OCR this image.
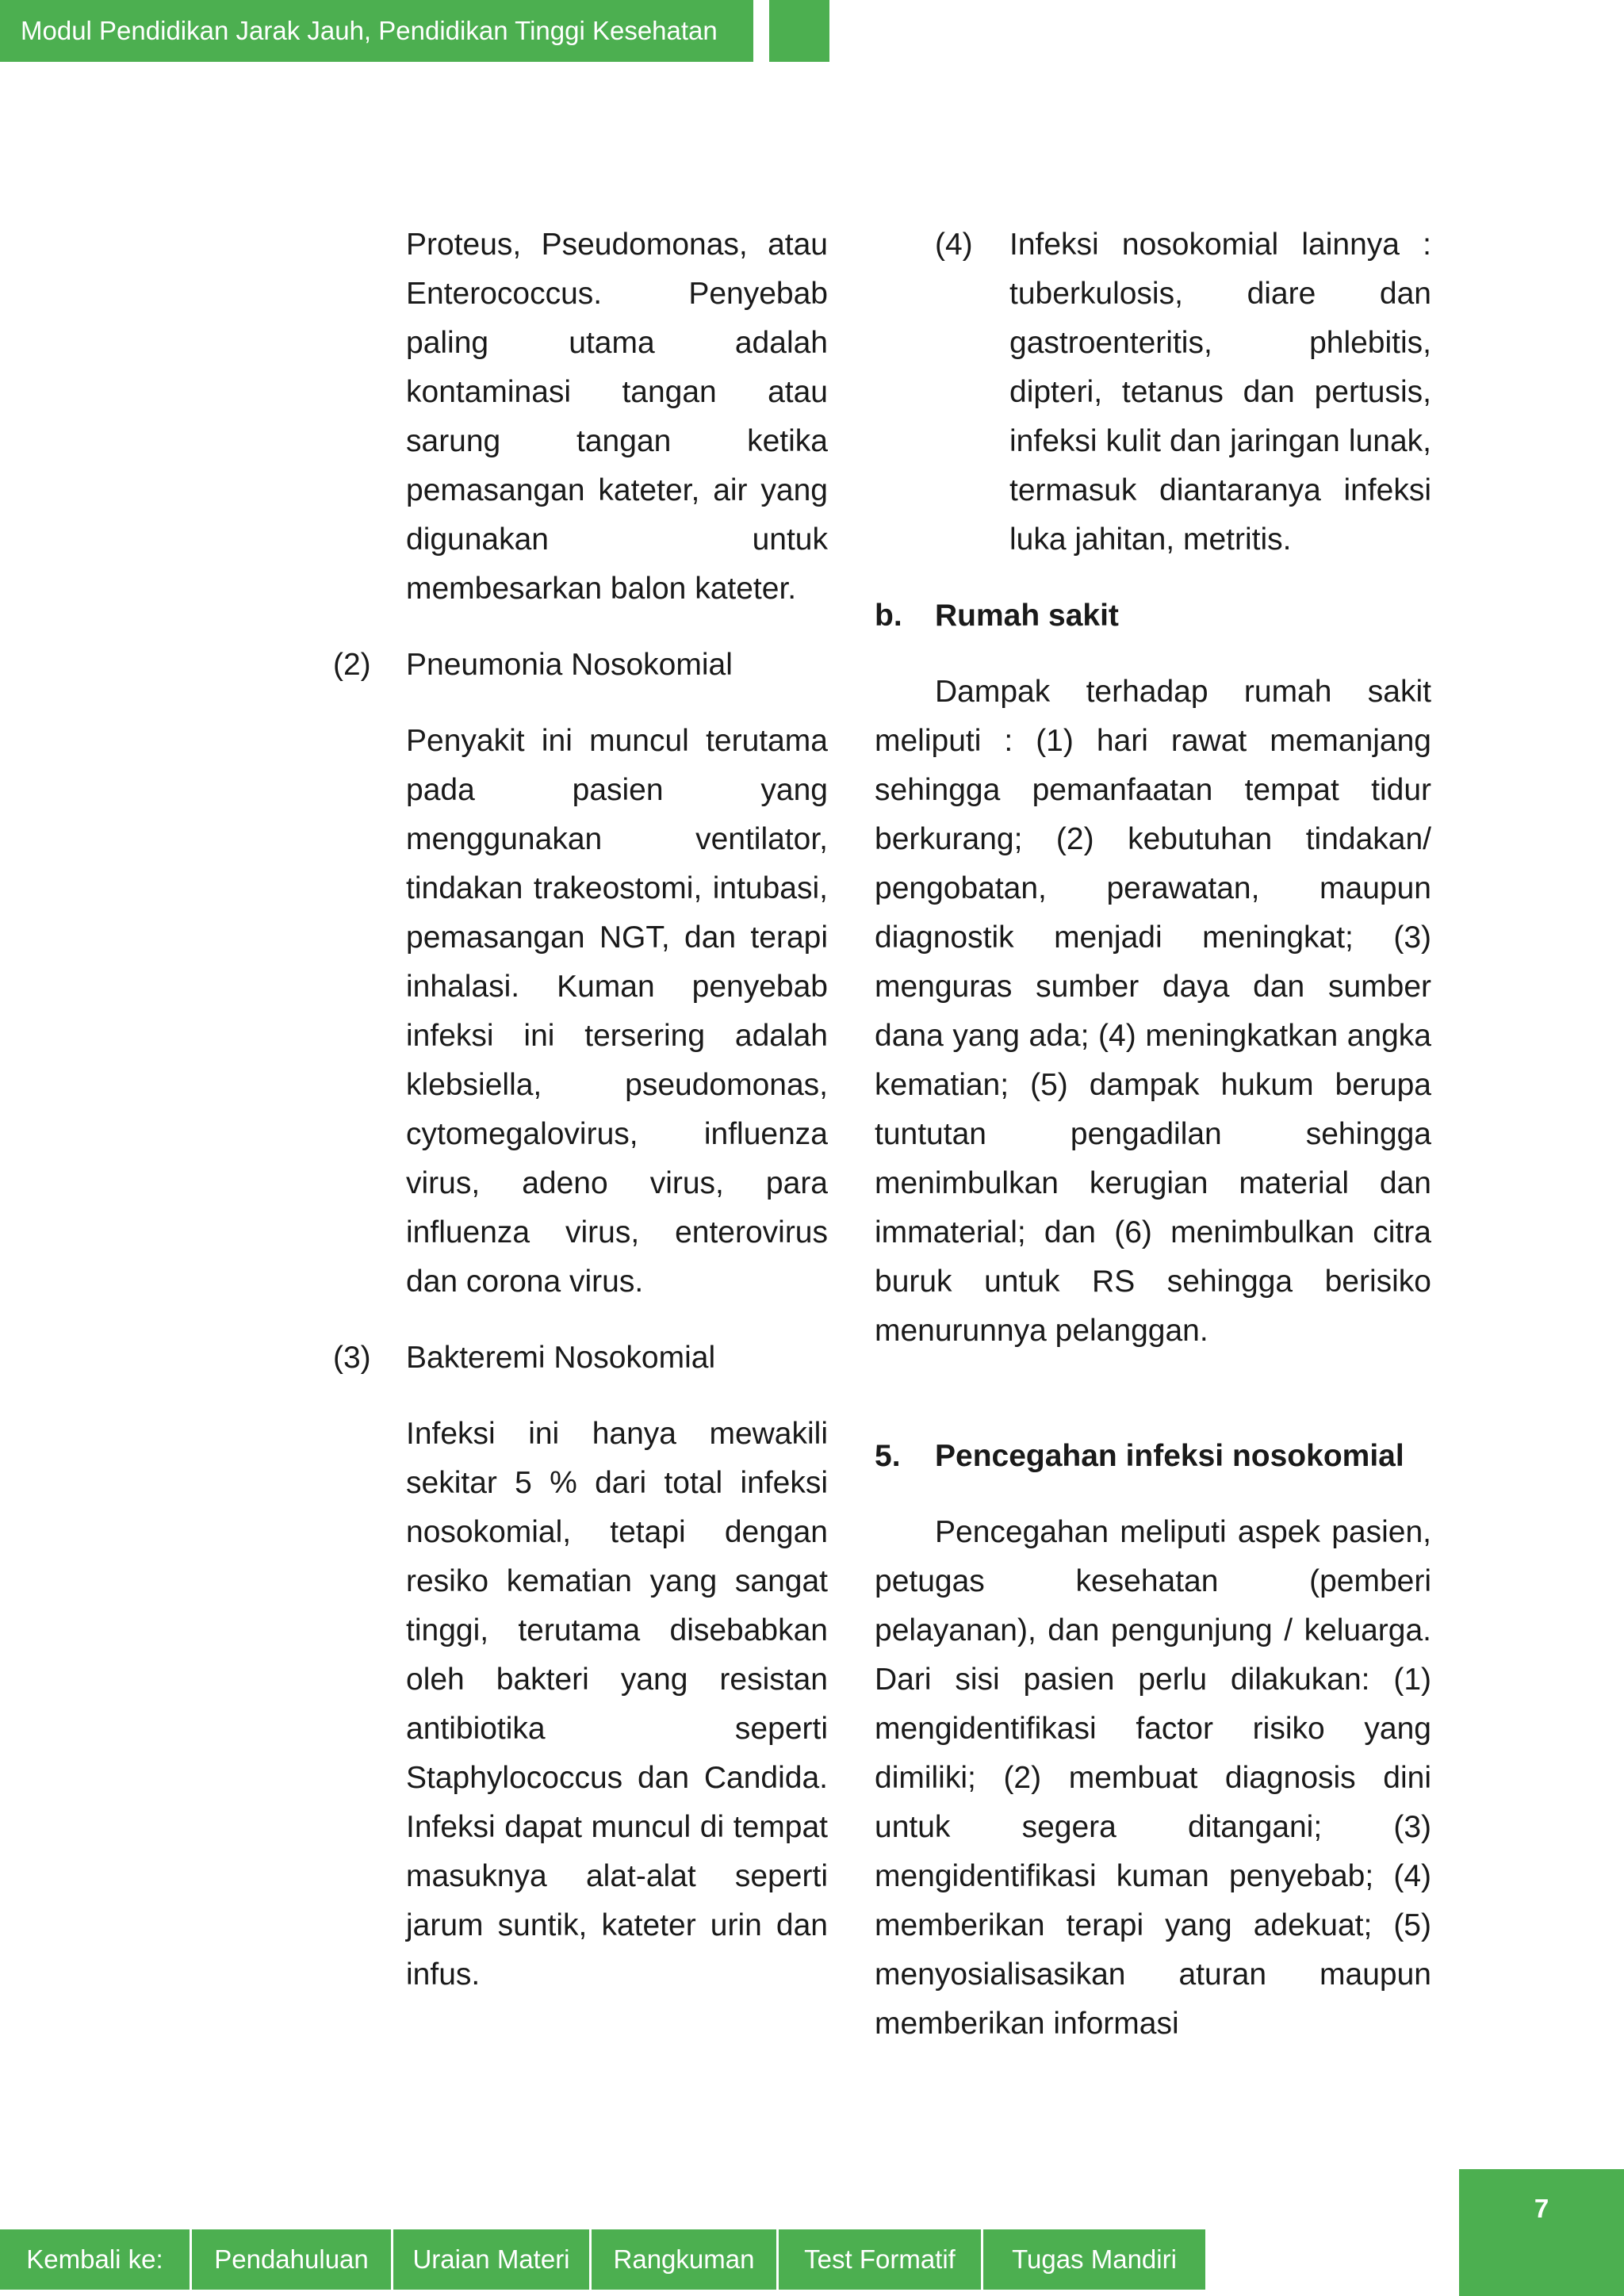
Modul Pendidikan Jarak Jauh, Pendidikan Tinggi Kesehatan

Proteus, Pseudomonas, atau Enterococcus. Penyebab paling utama adalah kontaminasi tangan atau sarung tangan ketika pemasangan kateter, air yang digunakan untuk membesarkan balon kateter.

(2) Pneumonia Nosokomial

Penyakit ini muncul terutama pada pasien yang menggunakan ventilator, tindakan trakeostomi, intubasi, pemasangan NGT, dan terapi inhalasi. Kuman penyebab infeksi ini tersering adalah klebsiella, pseudomonas, cytomegalovirus, influenza virus, adeno virus, para influenza virus, enterovirus dan corona virus.

(3) Bakteremi Nosokomial

Infeksi ini hanya mewakili sekitar 5 % dari total infeksi nosokomial, tetapi dengan resiko kematian yang sangat tinggi, terutama disebabkan oleh bakteri yang resistan antibiotika seperti Staphylococcus dan Candida. Infeksi dapat muncul di tempat masuknya alat-alat seperti jarum suntik, kateter urin dan infus.

(4) Infeksi nosokomial lainnya : tuberkulosis, diare dan gastroenteritis, phlebitis, dipteri, tetanus dan pertusis, infeksi kulit dan jaringan lunak, termasuk diantaranya infeksi luka jahitan, metritis.

b. Rumah sakit

Dampak terhadap rumah sakit meliputi : (1) hari rawat memanjang sehingga pemanfaatan tempat tidur berkurang; (2) kebutuhan tindakan/ pengobatan, perawatan, maupun diagnostik menjadi meningkat; (3) menguras sumber daya dan sumber dana yang ada; (4) meningkatkan angka kematian; (5) dampak hukum berupa tuntutan pengadilan sehingga menimbulkan kerugian material dan immaterial; dan (6) menimbulkan citra buruk untuk RS sehingga berisiko menurunnya pelanggan.

5. Pencegahan infeksi nosokomial

Pencegahan meliputi aspek pasien, petugas kesehatan (pemberi pelayanan), dan pengunjung / keluarga. Dari sisi pasien perlu dilakukan: (1) mengidentifikasi factor risiko yang dimiliki; (2) membuat diagnosis dini untuk segera ditangani; (3) mengidentifikasi kuman penyebab; (4) memberikan terapi yang adekuat; (5) menyosialisasikan aturan maupun memberikan informasi

7
Kembali ke:	Pendahuluan	Uraian Materi	Rangkuman	Test Formatif	Tugas Mandiri
